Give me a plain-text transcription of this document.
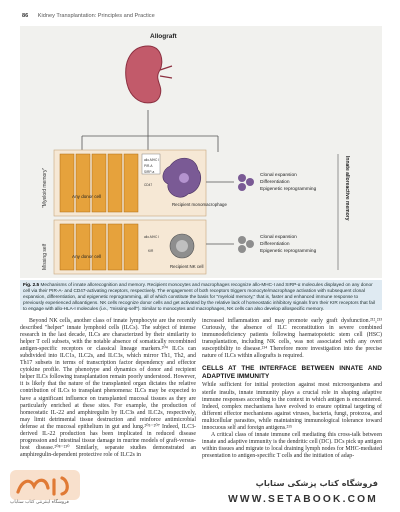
86 Kidney Transplantation: Principles and Practice
Allograft
"Myeloid memory"	Any donor cell
allo-MHC I
PIR-A
SIRP-a
CD47
Recipient monomacrophage
Missing self	Any donor cell
allo-MHC I
KIR
Recipient NK cell
Clonal expansion
Differentiation
Epigenetic reprogramming
Clonal expansion
Differentiation
Epigenetic reprogramming
Innate alloreactive memory
Fig. 2.5 Mechanisms of innate allorecognition and memory. Recipient monocytes and macrophages recognize allo-MHC-I and SIRP-α molecules displayed on any donor cell via their PIR-A- and CD47-activating receptors, respectively. The engagement of both receptors triggers monocyte/macrophage activation with subsequent clonal expansion, differentiation, and epigenetic reprogramming, all of which constitute the basis for "myeloid memory," that is, faster and enhanced immune response to previously experienced alloantigens. NK cells recognize donor cells and get activated by the relative lack of homeostatic inhibitory signals from their KIR receptors that fail to engage with allo-HLA-I molecules (i.e., "missing-self"). Similar to monocytes and macrophages, NK cells can also develop allospecific memory.

Beyond NK cells, another class of innate lymphocyte are the recently described "helper" innate lymphoid cells (ILCs). The subject of intense research in the last decade, ILCs are characterized by their similarity to helper T cell subsets, with the notable absence of somatically recombined antigen-specific receptors or classical lineage markers.²⁰⁴ ILCs can subdivided into ILC1s, ILC2s, and ILC3s, which mirror Th1, Th2, and Th17 subsets in terms of transcription factor dependency and effector cytokine profile. The phenotype and dynamics of donor and recipient helper ILCs following transplantation remain poorly understood. However, it is likely that the nature of the transplanted organ dictates the relative contribution of ILCs to transplant phenomena: ILCs may be expected to have a significant influence on transplanted mucosal tissues as they are particularly enriched at these sites. For example, the production of homeostatic IL-22 and amphiregulin by ILC3s and ILC2s, respectively, may limit detrimental tissue destruction and reinforce antimicrobial defense at the mucosal epithelium in gut and lung.²⁰⁵⁻²⁰⁷ Indeed, ILC3-derived IL-22 production has been implicated in reduced disease progression and intestinal tissue damage in murine models of graft-versus-host disease.²⁰⁸⁻²¹⁰ Similarly, separate studies demonstrated an amphiregulin-dependent protective role of ILC2s in

increased inflammation and may promote early graft dysfunction.²¹²,²¹³ Curiously, the absence of ILC reconstitution in severe combined immunodeficiency patients following haematopoietic stem cell (HSC) transplantation, including NK cells, was not associated with any overt susceptibility to disease.²¹⁴ Therefore more investigation into the precise nature of ILCs within allografts is required.

CELLS AT THE INTERFACE BETWEEN INNATE AND ADAPTIVE IMMUNITY

While sufficient for initial protection against most microorganisms and sterile insults, innate immunity plays a crucial role in shaping adaptive immune responses according to the context in which antigen is encountered. Indeed, complex mechanisms have evolved to ensure optimal targeting of different effector mechanisms against viruses, bacteria, fungi, protozoa, and multicellular parasites, while maintaining immunological tolerance toward innocuous self and foreign antigens.²¹⁵

A critical class of innate immune cell mediating this cross-talk between innate and adaptive immunity is the dendritic cell (DC). DCs pick up antigen within tissues and migrate to local draining lymph nodes for MHC-mediated presentation to antigen-specific T cells and the initiation of adap-

فروشگاه اینترنتی کتاب ستاباپ
فروشگاه کتاب پزشکی ستاباپ
WWW.SETABOOK.COM
